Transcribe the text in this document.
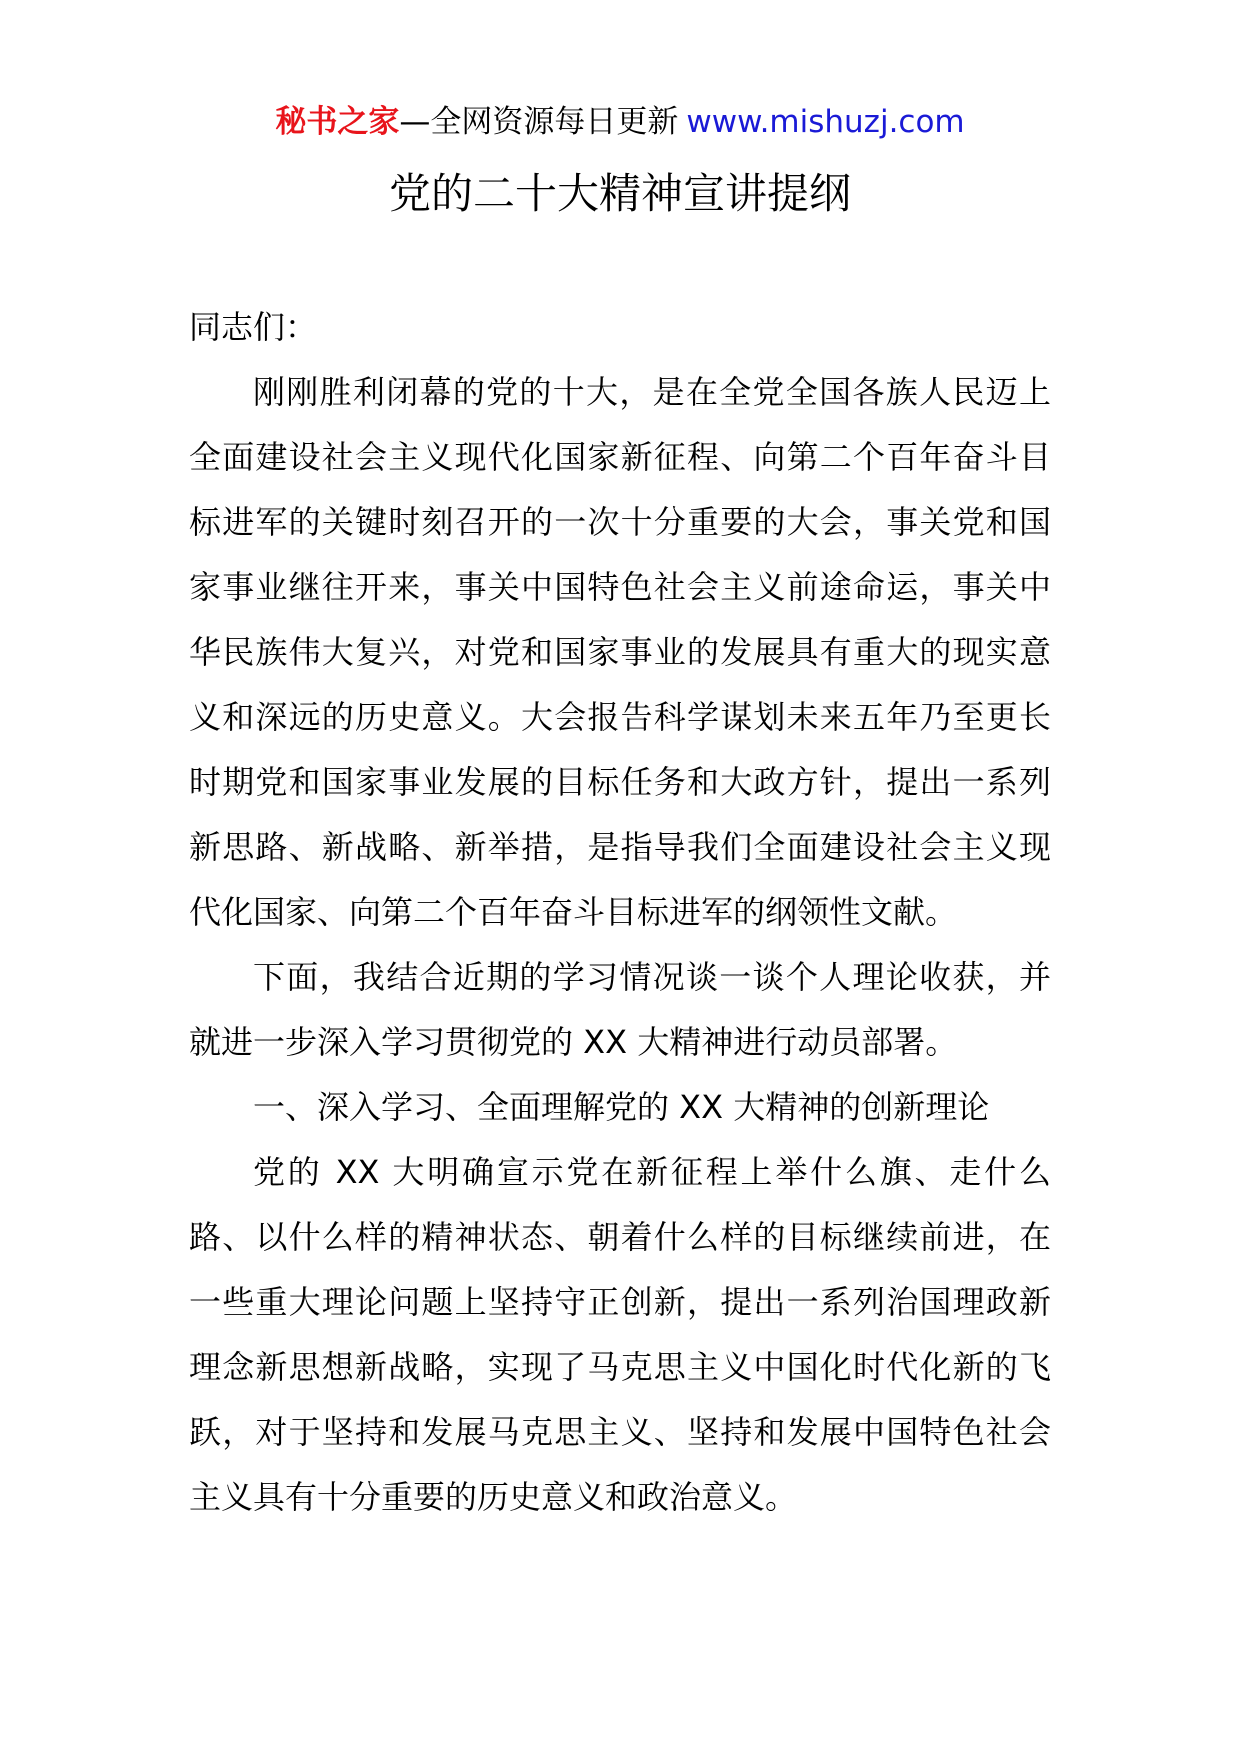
秘书之家—全网资源每日更新 www.mishuzj.com
党的二十大精神宣讲提纲

同志们：

刚刚胜利闭幕的党的十大，是在全党全国各族人民迈上全面建设社会主义现代化国家新征程、向第二个百年奋斗目标进军的关键时刻召开的一次十分重要的大会，事关党和国家事业继往开来，事关中国特色社会主义前途命运，事关中华民族伟大复兴，对党和国家事业的发展具有重大的现实意义和深远的历史意义。大会报告科学谋划未来五年乃至更长时期党和国家事业发展的目标任务和大政方针，提出一系列新思路、新战略、新举措，是指导我们全面建设社会主义现代化国家、向第二个百年奋斗目标进军的纲领性文献。

下面，我结合近期的学习情况谈一谈个人理论收获，并就进一步深入学习贯彻党的 XX 大精神进行动员部署。

一、深入学习、全面理解党的 XX 大精神的创新理论

党的 XX 大明确宣示党在新征程上举什么旗、走什么路、以什么样的精神状态、朝着什么样的目标继续前进，在一些重大理论问题上坚持守正创新，提出一系列治国理政新理念新思想新战略，实现了马克思主义中国化时代化新的飞跃，对于坚持和发展马克思主义、坚持和发展中国特色社会主义具有十分重要的历史意义和政治意义。
